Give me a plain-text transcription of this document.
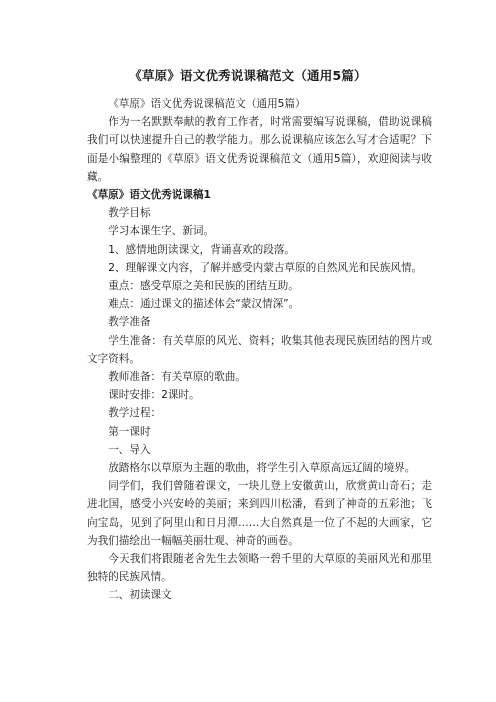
《草原》语文优秀说课稿范文（通用5篇）

《草原》语文优秀说课稿范文（通用5篇）

作为一名默默奉献的教育工作者，时常需要编写说课稿，借助说课稿我们可以快速提升自己的教学能力。那么说课稿应该怎么写才合适呢？下面是小编整理的《草原》语文优秀说课稿范文（通用5篇），欢迎阅读与收藏。

《草原》语文优秀说课稿1

教学目标

学习本课生字、新词。

1、感情地朗读课文，背诵喜欢的段落。

2、理解课文内容，了解并感受内蒙古草原的自然风光和民族风情。

重点：感受草原之美和民族的团结互助。

难点：通过课文的描述体会“蒙汉情深”。

教学准备

学生准备：有关草原的风光、资料；收集其他表现民族团结的图片或文字资料。

教师准备：有关草原的歌曲。

课时安排：2课时。

教学过程：

第一课时

一、导入

放踏格尔以草原为主题的歌曲，将学生引入草原高远辽阔的境界。

同学们，我们曾随着课文，一块儿登上安徽黄山，欣赏黄山奇石；走进北国，感受小兴安岭的美丽；来到四川松潘，看到了神奇的五彩池；飞向宝岛，见到了阿里山和日月潭……大自然真是一位了不起的大画家，它为我们描绘出一幅幅美丽壮观、神奇的画卷。

今天我们将跟随老舍先生去领略一碧千里的大草原的美丽风光和那里独特的民族风情。

二、初读课文
